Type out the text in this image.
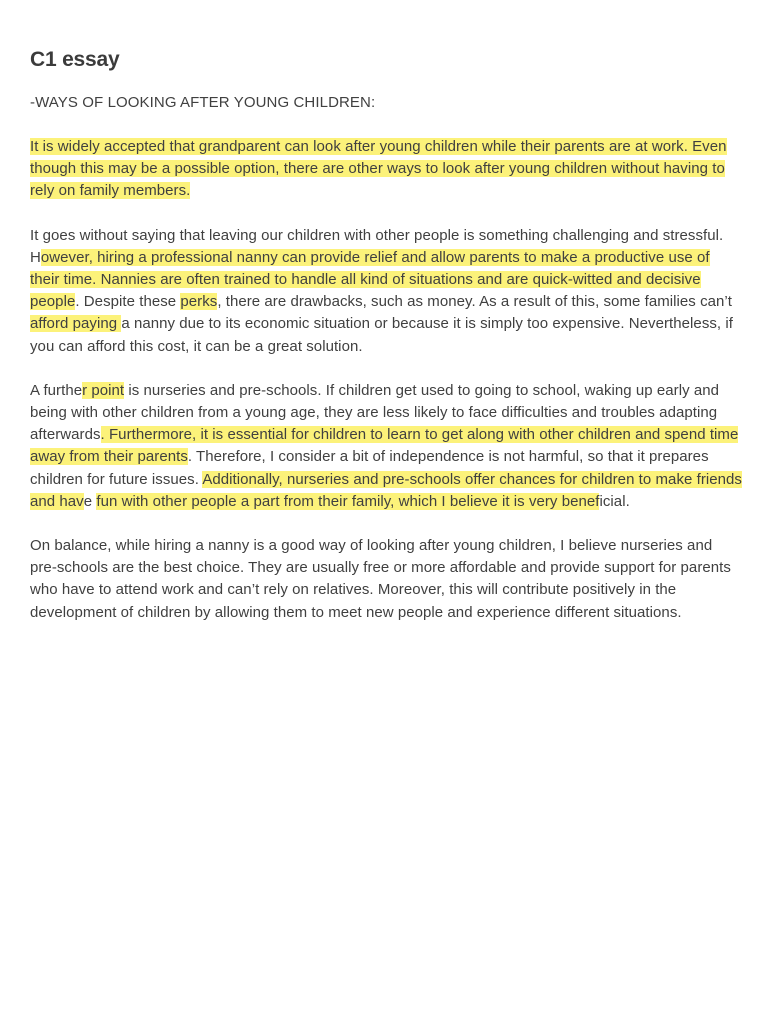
C1 essay
-WAYS OF LOOKING AFTER YOUNG CHILDREN:

It is widely accepted that grandparent can look after young children while their parents are at work. Even though this may be a possible option, there are other ways to look after young children without having to rely on family members.

It goes without saying that leaving our children with other people is something challenging and stressful. However, hiring a professional nanny can provide relief and allow parents to make a productive use of their time. Nannies are often trained to handle all kind of situations and are quick-witted and decisive people. Despite these perks, there are drawbacks, such as money. As a result of this, some families can’t afford paying a nanny due to its economic situation or because it is simply too expensive. Nevertheless, if you can afford this cost, it can be a great solution.

A further point is nurseries and pre-schools. If children get used to going to school, waking up early and being with other children from a young age, they are less likely to face difficulties and troubles adapting afterwards. Furthermore, it is essential for children to learn to get along with other children and spend time away from their parents. Therefore, I consider a bit of independence is not harmful, so that it prepares children for future issues. Additionally, nurseries and pre-schools offer chances for children to make friends and have fun with other people a part from their family, which I believe it is very beneficial.

On balance, while hiring a nanny is a good way of looking after young children, I believe nurseries and pre-schools are the best choice. They are usually free or more affordable and provide support for parents who have to attend work and can’t rely on relatives. Moreover, this will contribute positively in the development of children by allowing them to meet new people and experience different situations.
